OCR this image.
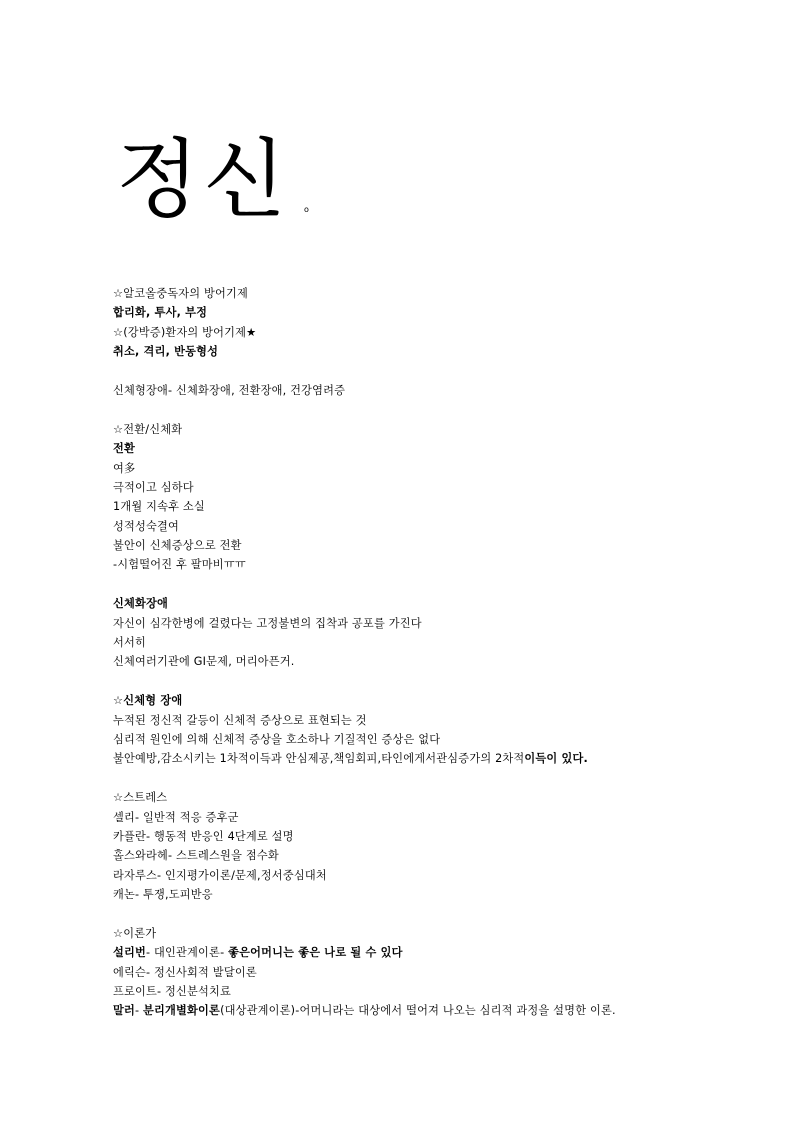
정신 o
☆알코올중독자의 방어기제
합리화, 투사, 부정
☆(강박증)환자의 방어기제★
취소, 격리, 반동형성
신체형장애- 신체화장애, 전환장애, 건강염려증
☆전환/신체화
전환
여多
극적이고 심하다
1개월 지속후 소실
성적성숙결여
불안이 신체증상으로 전환
-시험떨어진 후 팔마비ㅠㅠ
신체화장애
자신이 심각한병에 걸렸다는 고정불변의 집착과 공포를 가진다
서서히
신체여러기관에 GI문제, 머리아픈거.
☆신체형 장애
누적된 정신적 갈등이 신체적 증상으로 표현되는 것
심리적 원인에 의해 신체적 증상을 호소하나 기질적인 증상은 없다
불안예방,감소시키는 1차적이득과 안심제공,책임회피,타인에게서관심증가의 2차적이득이 있다.
☆스트레스
셀리- 일반적 적응 증후군
카플란- 행동적 반응인 4단계로 설명
홀스와라헤- 스트레스원을 점수화
라자루스- 인지평가이론/문제,정서중심대처
캐논- 투쟁,도피반응
☆이론가
설리번- 대인관계이론- 좋은어머니는 좋은 나로 될 수 있다
에릭슨- 정신사회적 발달이론
프로이트- 정신분석치료
말러- 분리개별화이론(대상관계이론)-어머니라는 대상에서 떨어져 나오는 심리적 과정을 설명한 이론.
